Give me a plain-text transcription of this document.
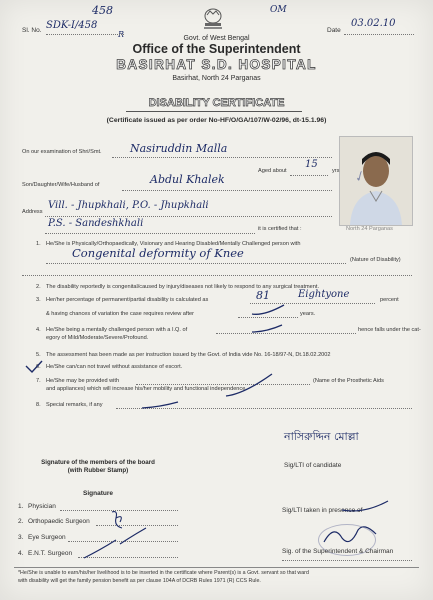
Sl. No. SDK-I/458
458
R
OM
Date
03.02.10
Govt. of West Bengal
Office of the Superintendent
BASIRHAT S.D. HOSPITAL
Basirhat, North 24 Parganas
DISABILITY CERTIFICATE
(Certificate issued as per order No-HF/O/GA/107/W-02/96, dt-15.1.96)
✓
On our examination of Shri/Smt.	Nasiruddin Malla
Aged about
15
yrs
Son/Daughter/Wife/Husband of	Abdul Khalek
Address
Vill. - Jhupkhali, P.O. - Jhupkhali
P.S. - Sandeshkhali	it is certified that :	North 24 Parganas
1. He/She is Physically/Orthopaedically, Visionary and Hearing Disabled/Mentally Challenged person with
Congenital deformity of Knee	(Nature of Disability)
2. The disability reportedly is congenital/caused by injury/diseases not likely to respond to any surgical treatment.
3. Her/her percentage of permanent/partial disability is calculated as	81	Eightyone	percent
& having chances of variation the case requires review after	years.
4. He/She being a mentally challenged person with a I.Q. of	hence falls under the cat-
egory of Mild/Moderate/Severe/Profound.
5. The assessment has been made as per instruction issued by the Govt. of India vide No. 16-18/97-N, Dt.18.02.2002
6. He/She can/can not travel without assistance of escort.
7. He/She may be provided with	(Name of the Prosthetic Aids
and appliances) which will increase his/her mobility and functional independence.
8. Special remarks, if any
নাসিরুদ্দিন মোল্লা
Sig/LTI of candidate
Signature of the members of the board
(with Rubber Stamp)
Signature
1. Physician
2. Orthopaedic Surgeon
3. Eye Surgeon
4. E.N.T. Surgeon
Sig/LTI taken in presence of
Sig. of the Superintendent & Chairman
*He/She is unable to earn/his/her livelihood is to be inserted in the certificate where Parent(s) is a Govt. servant so that ward
with disability will get the family pension benefit as per clause 104A of DCRB Rules 1971 (R) CCS Rule.
